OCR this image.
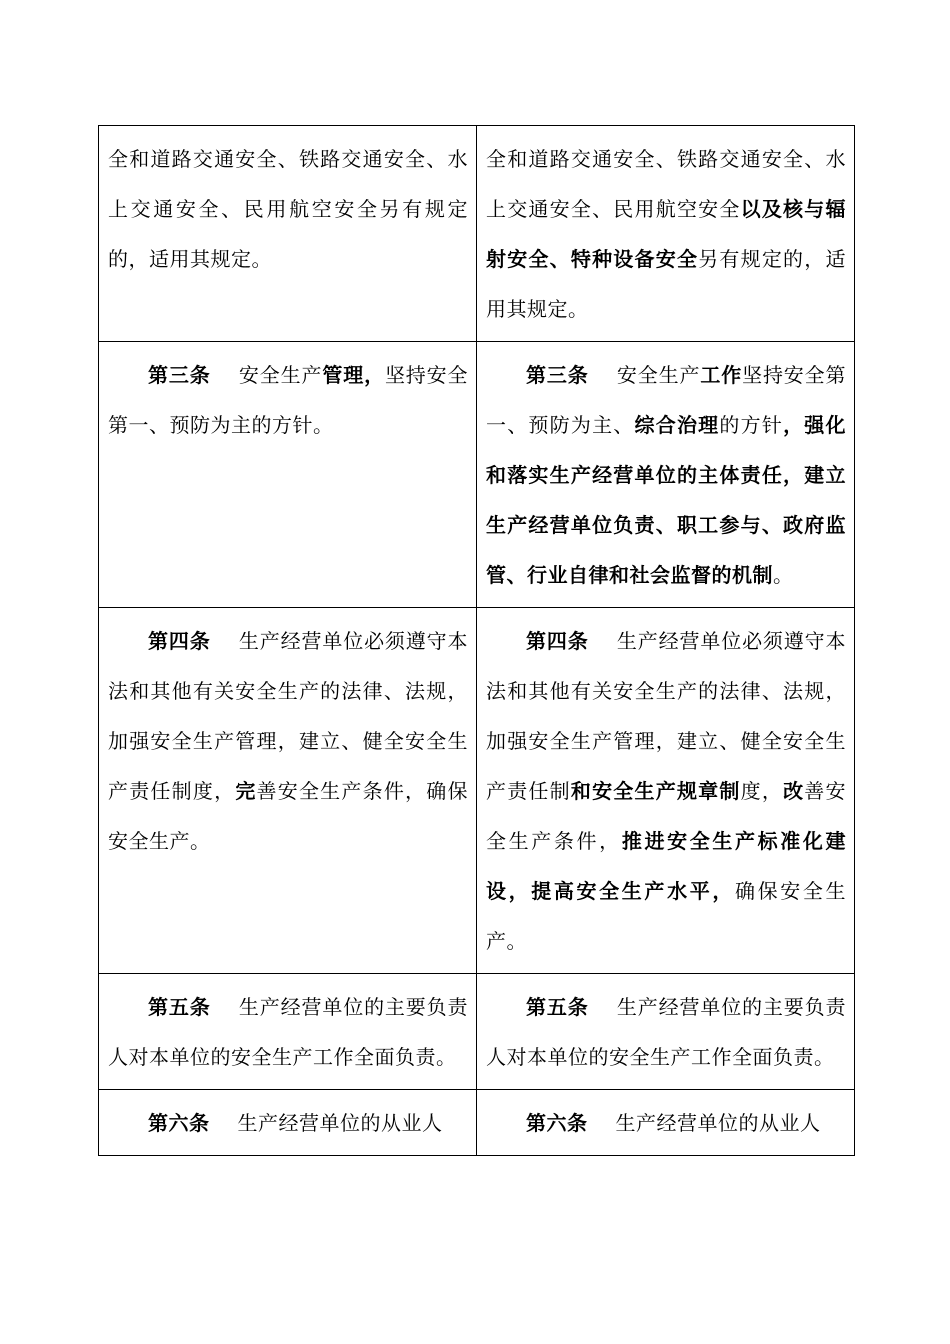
全和道路交通安全、铁路交通安全、水上交通安全、民用航空安全另有规定的，适用其规定。	全和道路交通安全、铁路交通安全、水上交通安全、民用航空安全以及核与辐射安全、特种设备安全另有规定的，适用其规定。

第三条 安全生产管理，坚持安全第一、预防为主的方针。	第三条 安全生产工作坚持安全第一、预防为主、综合治理的方针，强化和落实生产经营单位的主体责任，建立生产经营单位负责、职工参与、政府监管、行业自律和社会监督的机制。

第四条 生产经营单位必须遵守本法和其他有关安全生产的法律、法规，加强安全生产管理，建立、健全安全生产责任制度，完善安全生产条件，确保安全生产。	第四条 生产经营单位必须遵守本法和其他有关安全生产的法律、法规，加强安全生产管理，建立、健全安全生产责任制和安全生产规章制度，改善安全生产条件，推进安全生产标准化建设，提高安全生产水平，确保安全生产。

第五条 生产经营单位的主要负责人对本单位的安全生产工作全面负责。	第五条 生产经营单位的主要负责人对本单位的安全生产工作全面负责。

第六条 生产经营单位的从业人	第六条 生产经营单位的从业人
